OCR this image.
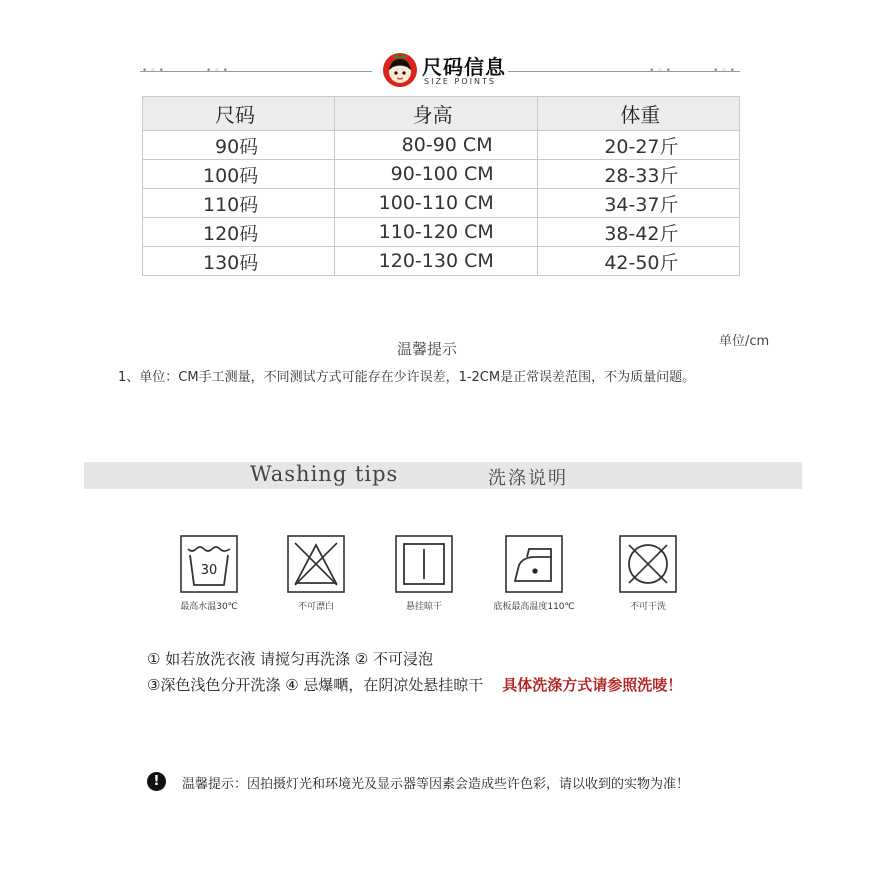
•◦•	•◦•	•◦•	•◦•
尺码信息
SIZE POINTS
尺码	身高	体重
90码	80-90 CM	20-27斤
100码	90-100 CM	28-33斤
110码	100-110 CM	34-37斤
120码	110-120 CM	38-42斤
130码	120-130 CM	42-50斤
单位/cm
温馨提示
1、单位：CM手工测量，不同测试方式可能存在少许误差，1-2CM是正常误差范围，不为质量问题。
Washing tips	洗涤说明
30
最高水温30℃	不可漂白	悬挂晾干	底板最高温度110℃	不可干洗
① 如若放洗衣液 请搅匀再洗涤 ② 不可浸泡
③深色浅色分开洗涤 ④ 忌爆嗮，在阴凉处悬挂晾干 具体洗涤方式请参照洗唛！
!	温馨提示：因拍摄灯光和环境光及显示器等因素会造成些许色彩，请以收到的实物为准！
